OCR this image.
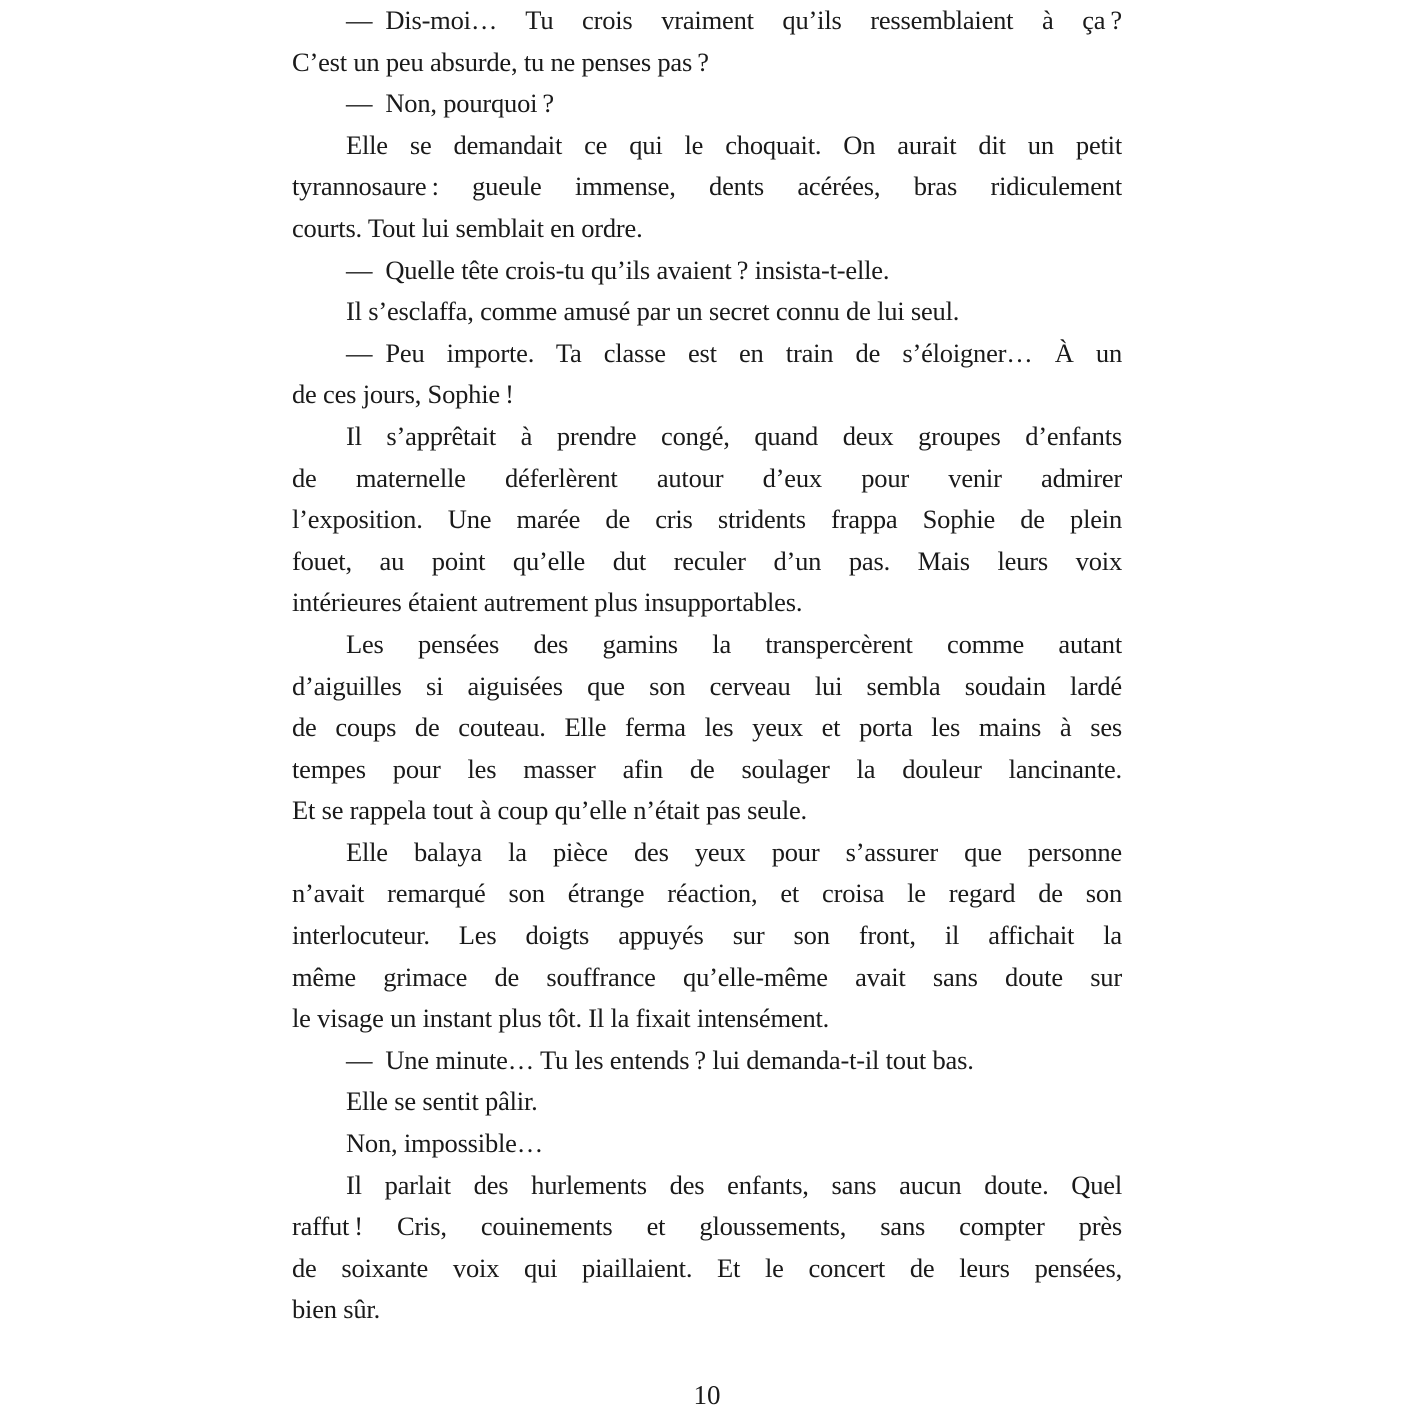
— Dis-moi… Tu crois vraiment qu’ils ressemblaient à ça ?
C’est un peu absurde, tu ne penses pas ?

— Non, pourquoi ?

Elle se demandait ce qui le choquait. On aurait dit un petit
tyrannosaure : gueule immense, dents acérées, bras ridiculement
courts. Tout lui semblait en ordre.

— Quelle tête crois-tu qu’ils avaient ? insista-t-elle.

Il s’esclaffa, comme amusé par un secret connu de lui seul.

— Peu importe. Ta classe est en train de s’éloigner… À un
de ces jours, Sophie !

Il s’apprêtait à prendre congé, quand deux groupes d’enfants
de maternelle déferlèrent autour d’eux pour venir admirer
l’exposition. Une marée de cris stridents frappa Sophie de plein
fouet, au point qu’elle dut reculer d’un pas. Mais leurs voix
intérieures étaient autrement plus insupportables.

Les pensées des gamins la transpercèrent comme autant
d’aiguilles si aiguisées que son cerveau lui sembla soudain lardé
de coups de couteau. Elle ferma les yeux et porta les mains à ses
tempes pour les masser afin de soulager la douleur lancinante.
Et se rappela tout à coup qu’elle n’était pas seule.

Elle balaya la pièce des yeux pour s’assurer que personne
n’avait remarqué son étrange réaction, et croisa le regard de son
interlocuteur. Les doigts appuyés sur son front, il affichait la
même grimace de souffrance qu’elle-même avait sans doute sur
le visage un instant plus tôt. Il la fixait intensément.

— Une minute… Tu les entends ? lui demanda-t-il tout bas.

Elle se sentit pâlir.

Non, impossible…

Il parlait des hurlements des enfants, sans aucun doute. Quel
raffut ! Cris, couinements et gloussements, sans compter près
de soixante voix qui piaillaient. Et le concert de leurs pensées,
bien sûr.

10
